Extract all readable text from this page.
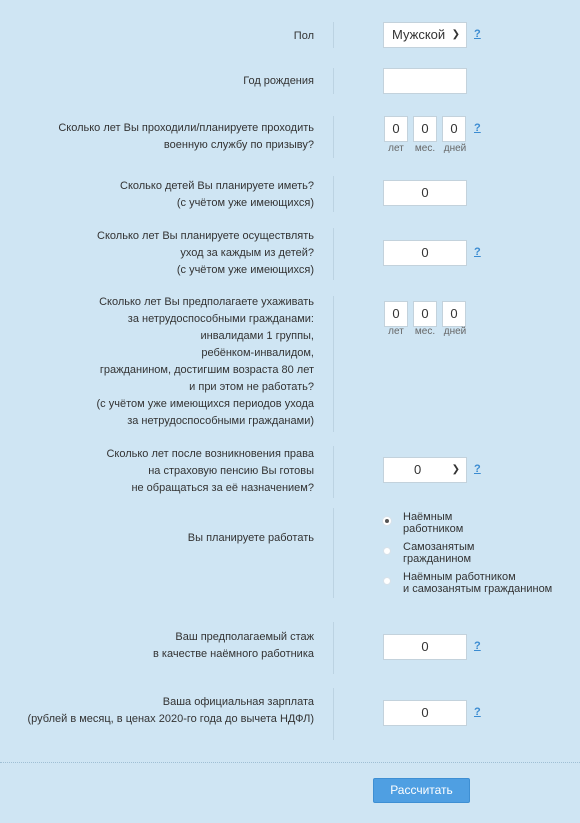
Пол	Мужской ❯ ?
Год рождения
Сколько лет Вы проходили/планируете проходить
военную службу по призыву?
0	0	0
лет	мес. дней
?
Сколько детей Вы планируете иметь?
(с учётом уже имеющихся)
0
Сколько лет Вы планируете осуществлять
уход за каждым из детей?
(с учётом уже имеющихся)
0	?
Сколько лет Вы предполагаете ухаживать
за нетрудоспособными гражданами:
инвалидами 1 группы,
ребёнком-инвалидом,
гражданином, достигшим возраста 80 лет
и при этом не работать?
(с учётом уже имеющихся периодов ухода
за нетрудоспособными гражданами)
0	0	0
лет	мес. дней
Сколько лет после возникновения права
на страховую пенсию Вы готовы
не обращаться за её назначением?
0	❯ ?
Вы планируете работать
Наёмным
работником
Самозанятым
гражданином
Наёмным работником
и самозанятым гражданином
Ваш предполагаемый стаж
в качестве наёмного работника	0	?
Ваша официальная зарплата
(рублей в месяц, в ценах 2020-го года до вычета НДФЛ)	0	?
Рассчитать
